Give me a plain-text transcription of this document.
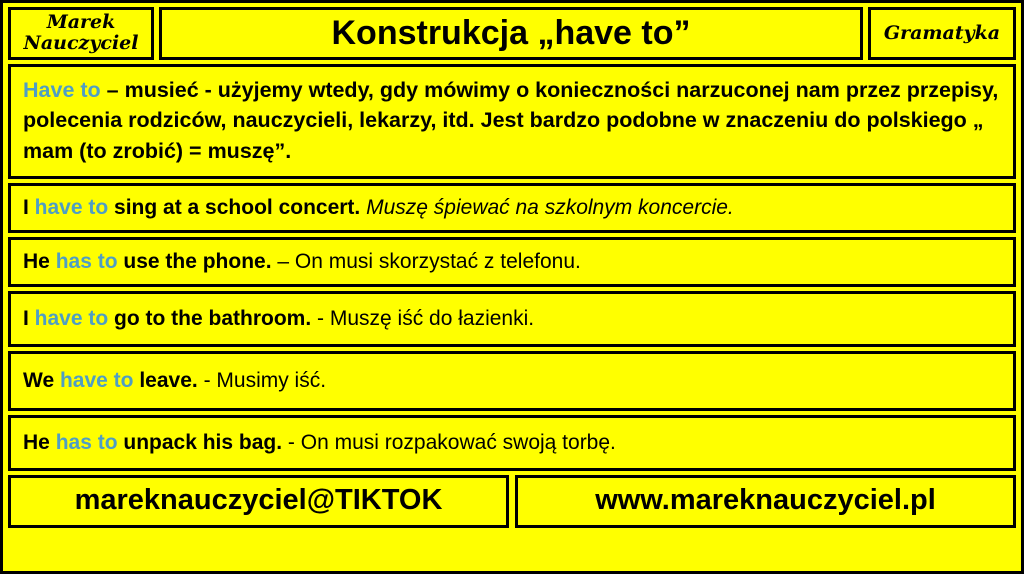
Marek
Nauczyciel	Konstrukcja „have to”	Gramatyka
Have to – musieć - użyjemy wtedy, gdy mówimy o konieczności narzuconej nam przez przepisy, polecenia rodziców, nauczycieli, lekarzy, itd. Jest bardzo podobne w znaczeniu do polskiego „ mam (to zrobić) = muszę”.
I have to sing at a school concert. Muszę śpiewać na szkolnym koncercie.
He has to use the phone. – On musi skorzystać z telefonu.
I have to go to the bathroom. - Muszę iść do łazienki.
We have to leave. - Musimy iść.
He has to unpack his bag. - On musi rozpakować swoją torbę.
mareknauczyciel@TIKTOK	www.mareknauczyciel.pl
